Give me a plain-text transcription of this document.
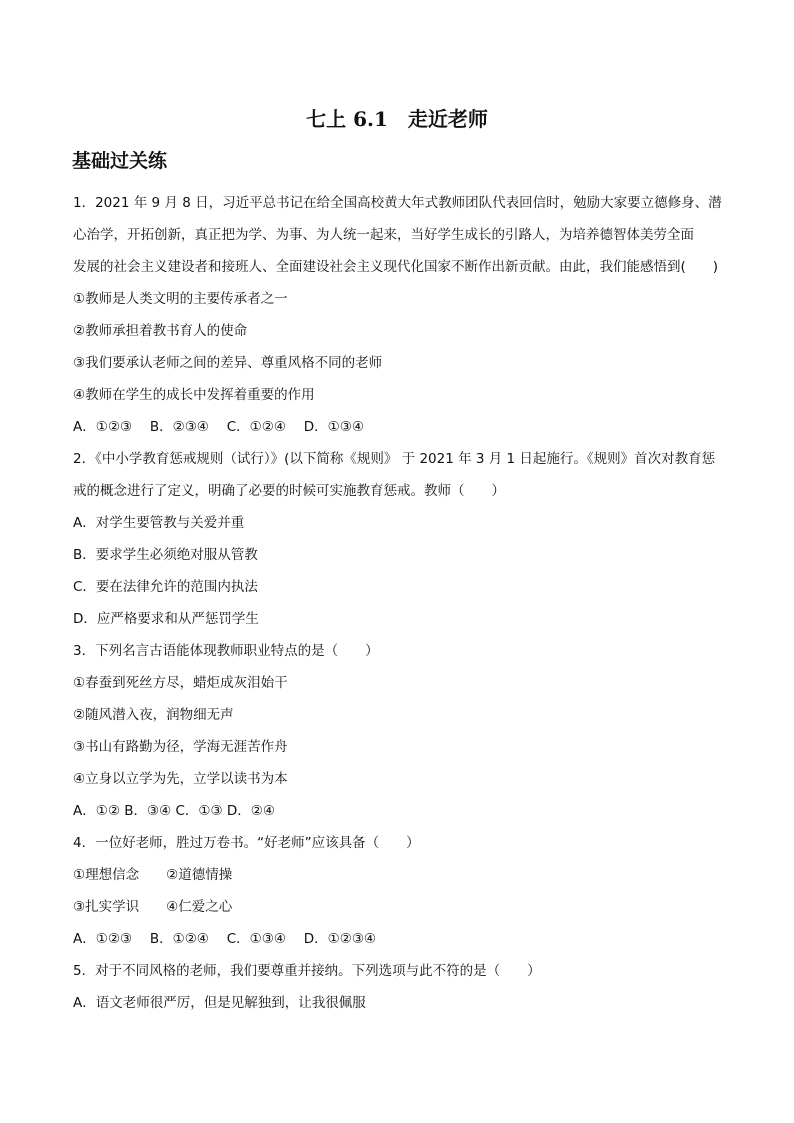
七上 6.1　走近老师
基础过关练
1．2021 年 9 月 8 日，习近平总书记在给全国高校黄大年式教师团队代表回信时，勉励大家要立德修身、潜
心治学，开拓创新，真正把为学、为事、为人统一起来，当好学生成长的引路人，为培养德智体美劳全面
发展的社会主义建设者和接班人、全面建设社会主义现代化国家不断作出新贡献。由此，我们能感悟到(　　)
①教师是人类文明的主要传承者之一
②教师承担着教书育人的使命
③我们要承认老师之间的差异、尊重风格不同的老师
④教师在学生的成长中发挥着重要的作用
A．①②③　 B．②③④　 C．①②④　 D．①③④
2．《中小学教育惩戒规则（试行）》(以下简称《规则》 于 2021 年 3 月 1 日起施行。《规则》首次对教育惩
戒的概念进行了定义，明确了必要的时候可实施教育惩戒。教师（　　）
A．对学生要管教与关爱并重
B．要求学生必须绝对服从管教
C．要在法律允许的范围内执法
D．应严格要求和从严惩罚学生
3．下列名言古语能体现教师职业特点的是（　　）
①春蚕到死丝方尽，蜡炬成灰泪始干
②随风潜入夜，润物细无声
③书山有路勤为径，学海无涯苦作舟
④立身以立学为先，立学以读书为本
A．①② B．③④ C．①③ D．②④
4．一位好老师，胜过万卷书。“好老师”应该具备（　　）
①理想信念　　②道德情操
③扎实学识　　④仁爱之心
A．①②③　 B．①②④　 C．①③④　 D．①②③④
5．对于不同风格的老师，我们要尊重并接纳。下列选项与此不符的是（　　）
A．语文老师很严厉，但是见解独到，让我很佩服
